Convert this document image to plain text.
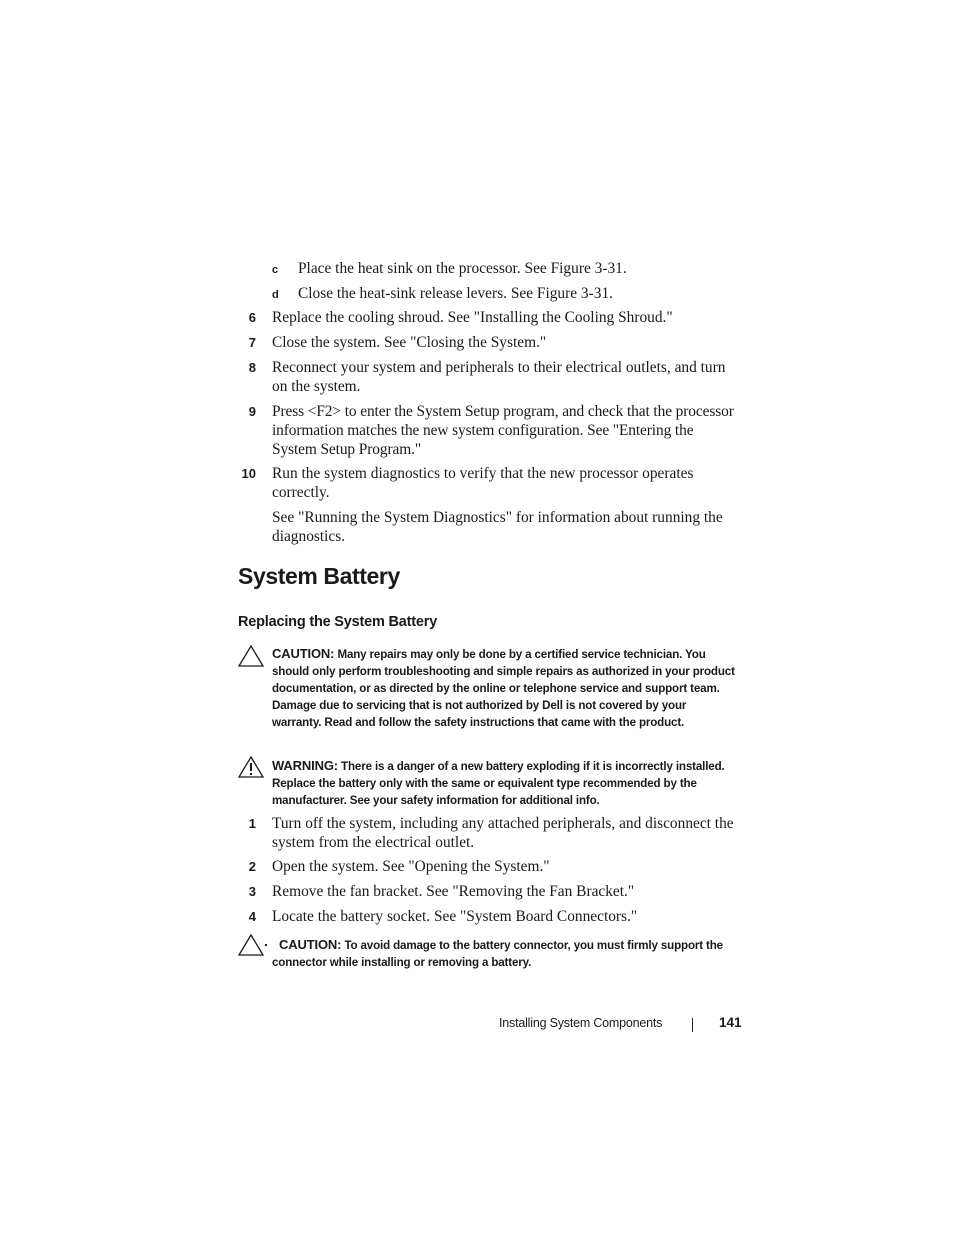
c Place the heat sink on the processor. See Figure 3-31.
d Close the heat-sink release levers. See Figure 3-31.
6 Replace the cooling shroud. See "Installing the Cooling Shroud."
7 Close the system. See "Closing the System."
8 Reconnect your system and peripherals to their electrical outlets, and turn on the system.
9 Press <F2> to enter the System Setup program, and check that the processor information matches the new system configuration. See "Entering the System Setup Program."
10 Run the system diagnostics to verify that the new processor operates correctly.
See "Running the System Diagnostics" for information about running the diagnostics.
System Battery
Replacing the System Battery
CAUTION: Many repairs may only be done by a certified service technician. You should only perform troubleshooting and simple repairs as authorized in your product documentation, or as directed by the online or telephone service and support team. Damage due to servicing that is not authorized by Dell is not covered by your warranty. Read and follow the safety instructions that came with the product.
WARNING: There is a danger of a new battery exploding if it is incorrectly installed. Replace the battery only with the same or equivalent type recommended by the manufacturer. See your safety information for additional info.
1 Turn off the system, including any attached peripherals, and disconnect the system from the electrical outlet.
2 Open the system. See "Opening the System."
3 Remove the fan bracket. See "Removing the Fan Bracket."
4 Locate the battery socket. See "System Board Connectors."
CAUTION: To avoid damage to the battery connector, you must firmly support the connector while installing or removing a battery.
Installing System Components	141
